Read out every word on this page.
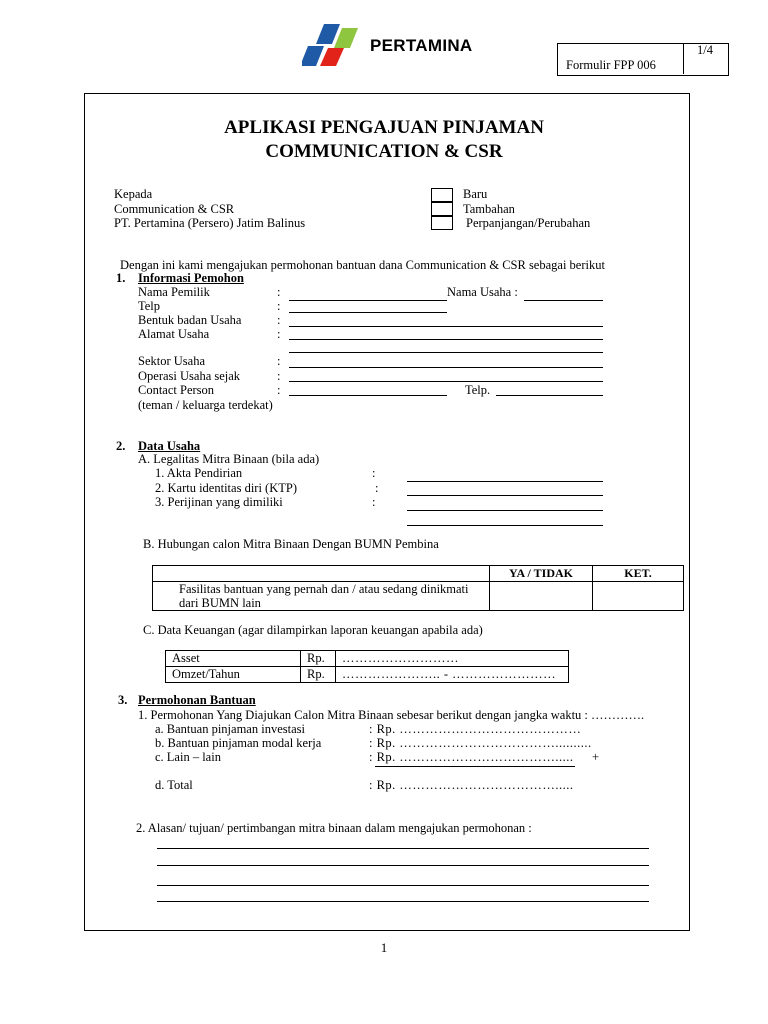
PERTAMINA
Formulir FPP 006
1/4
APLIKASI PENGAJUAN PINJAMAN
COMMUNICATION & CSR
Kepada
Communication & CSR
PT. Pertamina (Persero) Jatim Balinus
Baru
Tambahan
Perpanjangan/Perubahan
Dengan ini kami mengajukan permohonan bantuan dana Communication & CSR sebagai berikut
1. Informasi Pemohon
Nama Pemilik	:	Nama Usaha :
Telp	:
Bentuk badan Usaha	:
Alamat Usaha	:
Sektor Usaha	:
Operasi Usaha sejak	:
Contact Person	:	Telp.
(teman / keluarga terdekat)
2. Data Usaha
A. Legalitas Mitra Binaan (bila ada)
1. Akta Pendirian	:
2. Kartu identitas diri (KTP)	:
3. Perijinan yang dimiliki	:
B. Hubungan calon Mitra Binaan Dengan BUMN Pembina
	YA / TIDAK	KET.
Fasilitas bantuan yang pernah dan / atau sedang dinikmati dari BUMN lain		
C. Data Keuangan (agar dilampirkan laporan keuangan apabila ada)
Asset	Rp.	………………………
Omzet/Tahun	Rp.	………………….. - ……………………
3. Permohonan Bantuan
1. Permohonan Yang Diajukan Calon Mitra Binaan sebesar berikut dengan jangka waktu : ………….
a. Bantuan pinjaman investasi	: Rp. ……………………………………
b. Bantuan pinjaman modal kerja	: Rp. ………………………………..........
c. Lain – lain	: Rp. ………………………………..... +
d. Total	: Rp. ……………………………….....
2. Alasan/ tujuan/ pertimbangan mitra binaan dalam mengajukan permohonan :
1
